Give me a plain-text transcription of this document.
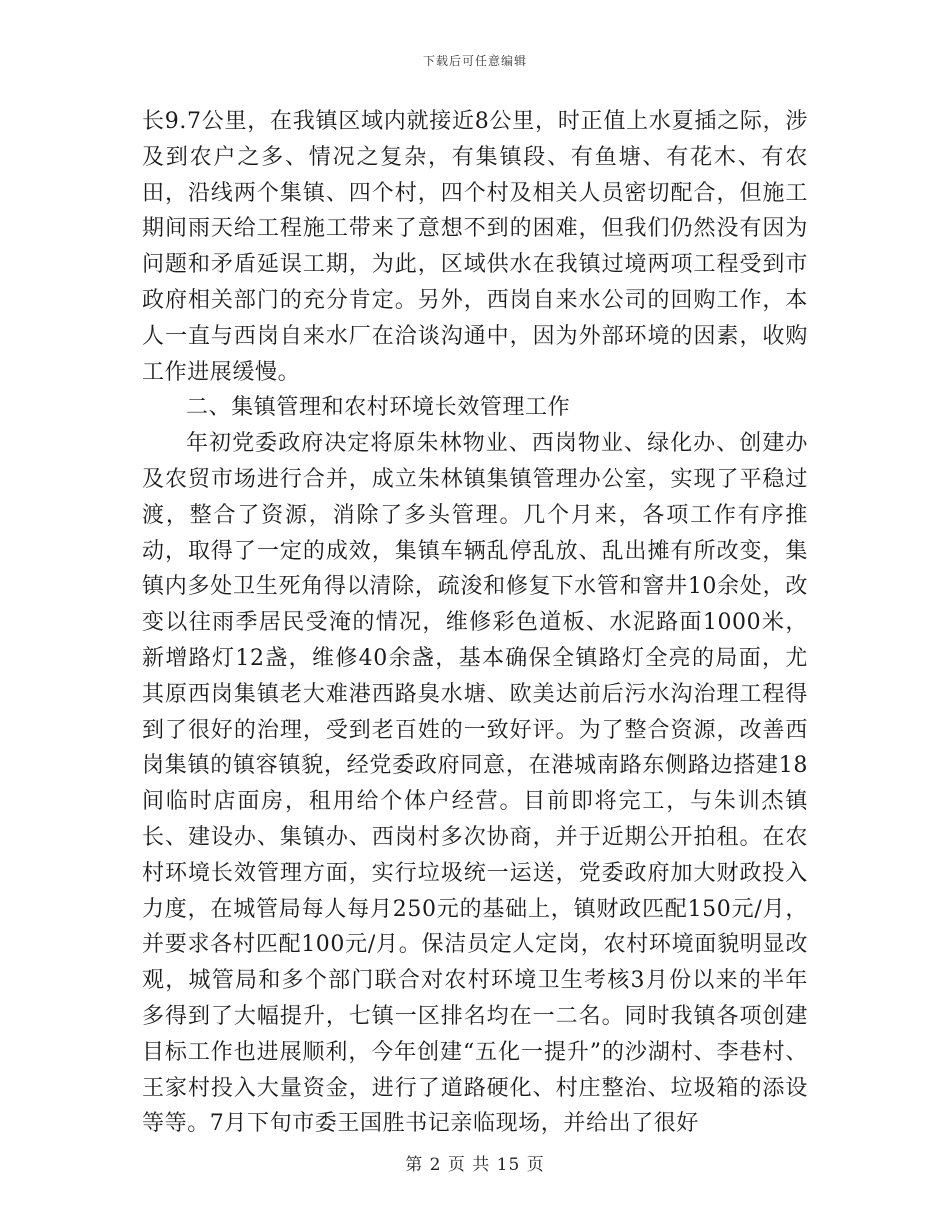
下载后可任意编辑

长9.7公里，在我镇区域内就接近8公里，时正值上水夏插之际，涉及到农户之多、情况之复杂，有集镇段、有鱼塘、有花木、有农田，沿线两个集镇、四个村，四个村及相关人员密切配合，但施工期间雨天给工程施工带来了意想不到的困难，但我们仍然没有因为问题和矛盾延误工期，为此，区域供水在我镇过境两项工程受到市政府相关部门的充分肯定。另外，西岗自来水公司的回购工作，本人一直与西岗自来水厂在洽谈沟通中，因为外部环境的因素，收购工作进展缓慢。

二、集镇管理和农村环境长效管理工作

年初党委政府决定将原朱林物业、西岗物业、绿化办、创建办及农贸市场进行合并，成立朱林镇集镇管理办公室，实现了平稳过渡，整合了资源，消除了多头管理。几个月来，各项工作有序推动，取得了一定的成效，集镇车辆乱停乱放、乱出摊有所改变，集镇内多处卫生死角得以清除，疏浚和修复下水管和窨井10余处，改变以往雨季居民受淹的情况，维修彩色道板、水泥路面1000米，新增路灯12盏，维修40余盏，基本确保全镇路灯全亮的局面，尤其原西岗集镇老大难港西路臭水塘、欧美达前后污水沟治理工程得到了很好的治理，受到老百姓的一致好评。为了整合资源，改善西岗集镇的镇容镇貌，经党委政府同意，在港城南路东侧路边搭建18间临时店面房，租用给个体户经营。目前即将完工，与朱训杰镇长、建设办、集镇办、西岗村多次协商，并于近期公开拍租。在农村环境长效管理方面，实行垃圾统一运送，党委政府加大财政投入力度，在城管局每人每月250元的基础上，镇财政匹配150元/月，并要求各村匹配100元/月。保洁员定人定岗，农村环境面貌明显改观，城管局和多个部门联合对农村环境卫生考核3月份以来的半年多得到了大幅提升，七镇一区排名均在一二名。同时我镇各项创建目标工作也进展顺利，今年创建“五化一提升”的沙湖村、李巷村、王家村投入大量资金，进行了道路硬化、村庄整治、垃圾箱的添设等等。7月下旬市委王国胜书记亲临现场，并给出了很好

第 2 页 共 15 页
